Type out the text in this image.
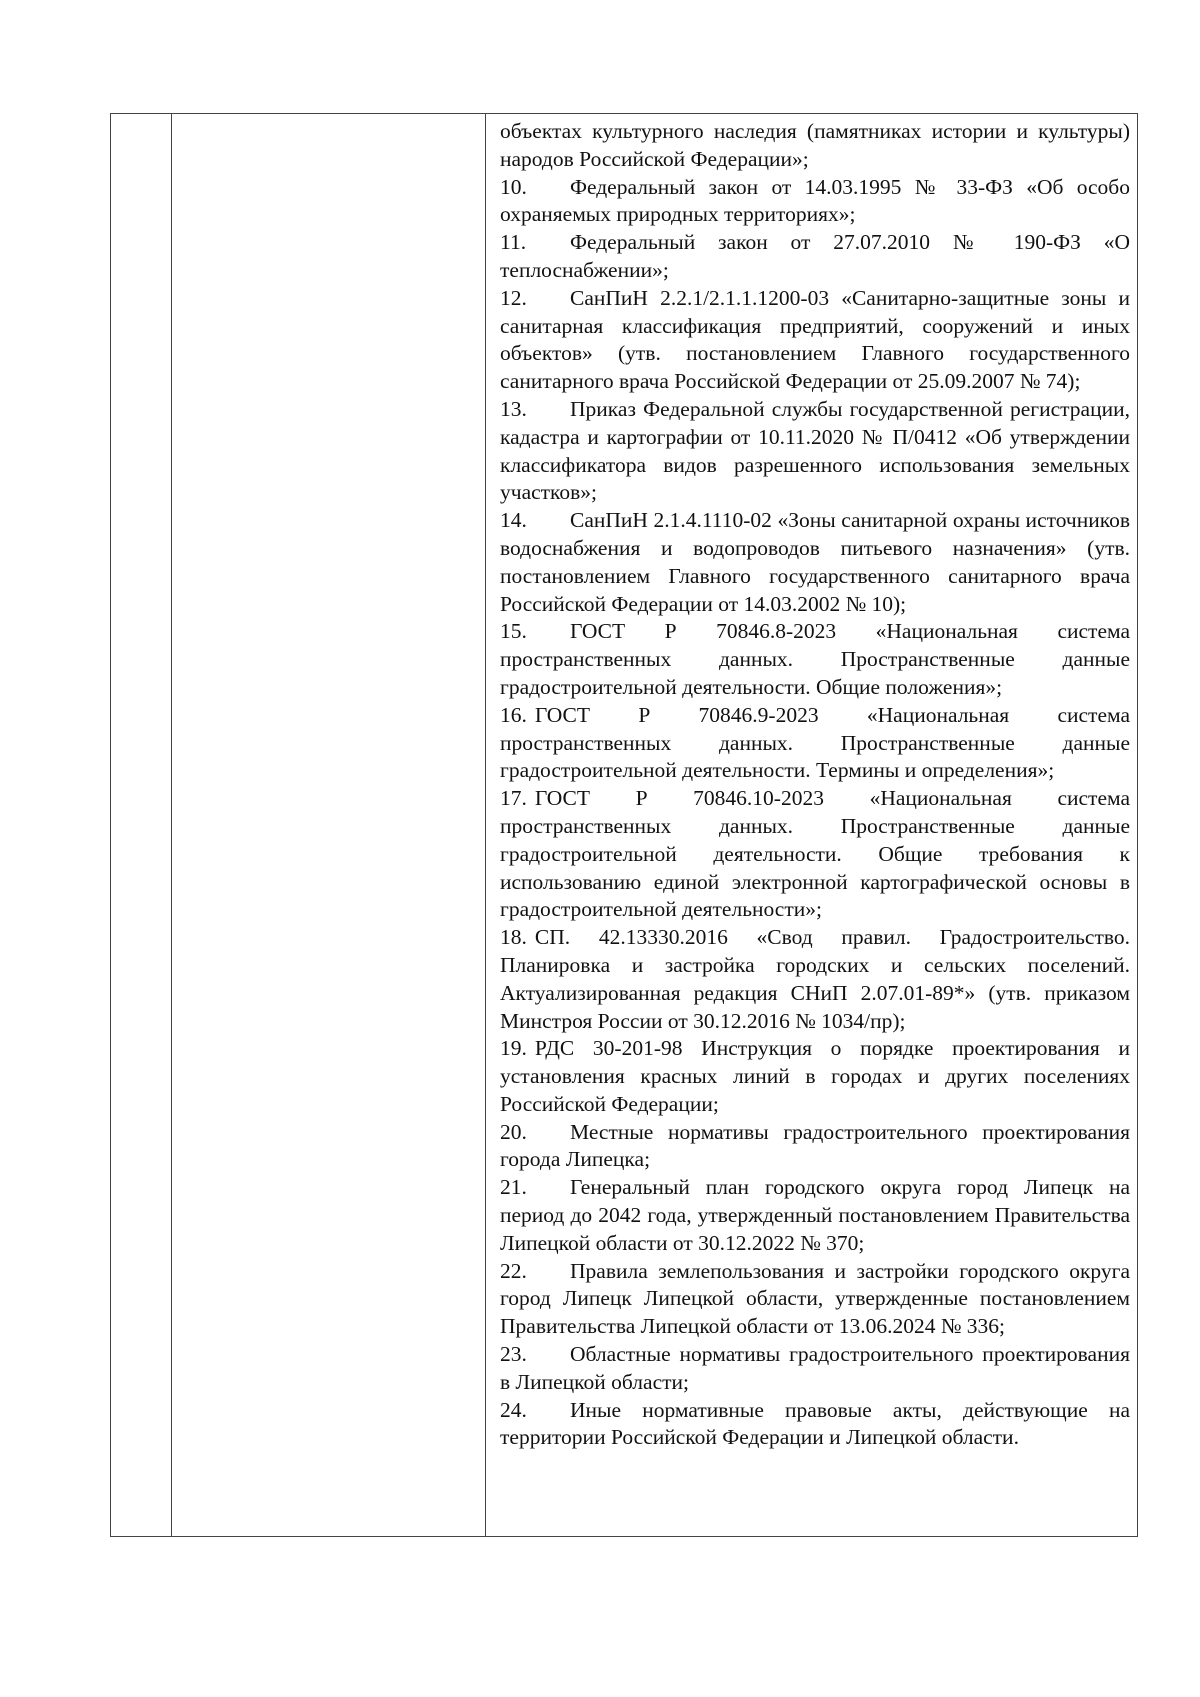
объектах культурного наследия (памятниках истории и культуры) народов Российской Федерации»;

10. Федеральный закон от 14.03.1995 № 33-ФЗ «Об особо охраняемых природных территориях»;

11. Федеральный закон от 27.07.2010 № 190-ФЗ «О теплоснабжении»;

12. СанПиН 2.2.1/2.1.1.1200-03 «Санитарно-защитные зоны и санитарная классификация предприятий, сооружений и иных объектов» (утв. постановлением Главного государственного санитарного врача Российской Федерации от 25.09.2007 № 74);

13. Приказ Федеральной службы государственной регистрации, кадастра и картографии от 10.11.2020 № П/0412 «Об утверждении классификатора видов разрешенного использования земельных участков»;

14. СанПиН 2.1.4.1110-02 «Зоны санитарной охраны источников водоснабжения и водопроводов питьевого назначения» (утв. постановлением Главного государственного санитарного врача Российской Федерации от 14.03.2002 № 10);

15. ГОСТ Р 70846.8-2023 «Национальная система пространственных данных. Пространственные данные градостроительной деятельности. Общие положения»;

16. ГОСТ Р 70846.9-2023 «Национальная система пространственных данных. Пространственные данные градостроительной деятельности. Термины и определения»;

17. ГОСТ Р 70846.10-2023 «Национальная система пространственных данных. Пространственные данные градостроительной деятельности. Общие требования к использованию единой электронной картографической основы в градостроительной деятельности»;

18. СП. 42.13330.2016 «Свод правил. Градостроительство. Планировка и застройка городских и сельских поселений. Актуализированная редакция СНиП 2.07.01-89*» (утв. приказом Минстроя России от 30.12.2016 № 1034/пр);

19. РДС 30-201-98 Инструкция о порядке проектирования и установления красных линий в городах и других поселениях Российской Федерации;

20. Местные нормативы градостроительного проектирования города Липецка;

21. Генеральный план городского округа город Липецк на период до 2042 года, утвержденный постановлением Правительства Липецкой области от 30.12.2022 № 370;

22. Правила землепользования и застройки городского округа город Липецк Липецкой области, утвержденные постановлением Правительства Липецкой области от 13.06.2024 № 336;

23. Областные нормативы градостроительного проектирования в Липецкой области;

24. Иные нормативные правовые акты, действующие на территории Российской Федерации и Липецкой области.
